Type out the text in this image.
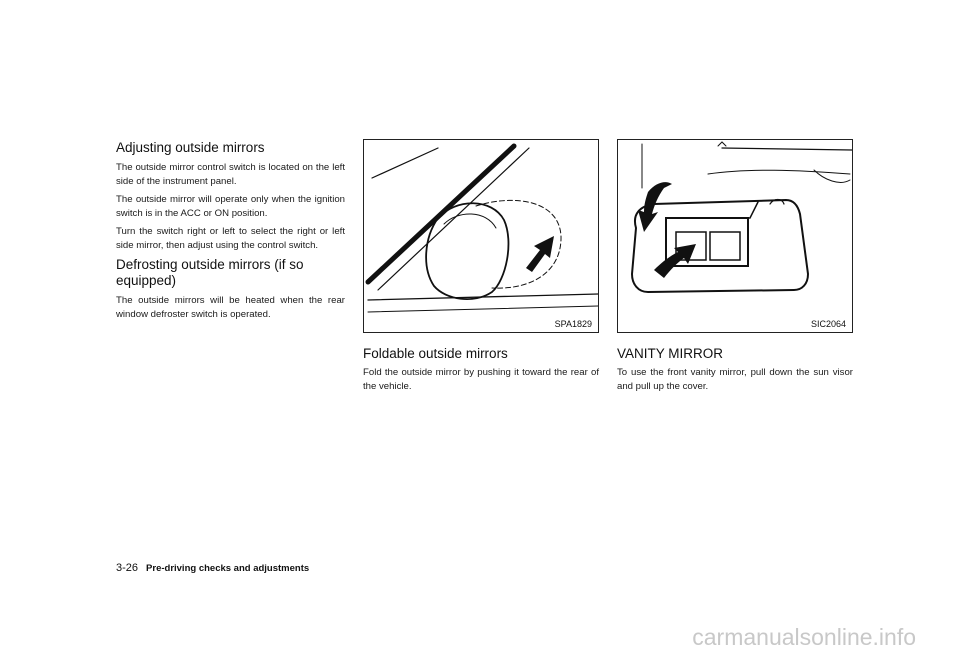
Adjusting outside mirrors

The outside mirror control switch is located on the left side of the instrument panel.

The outside mirror will operate only when the ignition switch is in the ACC or ON position.

Turn the switch right or left to select the right or left side mirror, then adjust using the control switch.

Defrosting outside mirrors (if so equipped)

The outside mirrors will be heated when the rear window defroster switch is operated.

SPA1829
Foldable outside mirrors

Fold the outside mirror by pushing it toward the rear of the vehicle.

SIC2064
VANITY MIRROR

To use the front vanity mirror, pull down the sun visor and pull up the cover.

3-26 Pre-driving checks and adjustments
carmanualsonline.info
